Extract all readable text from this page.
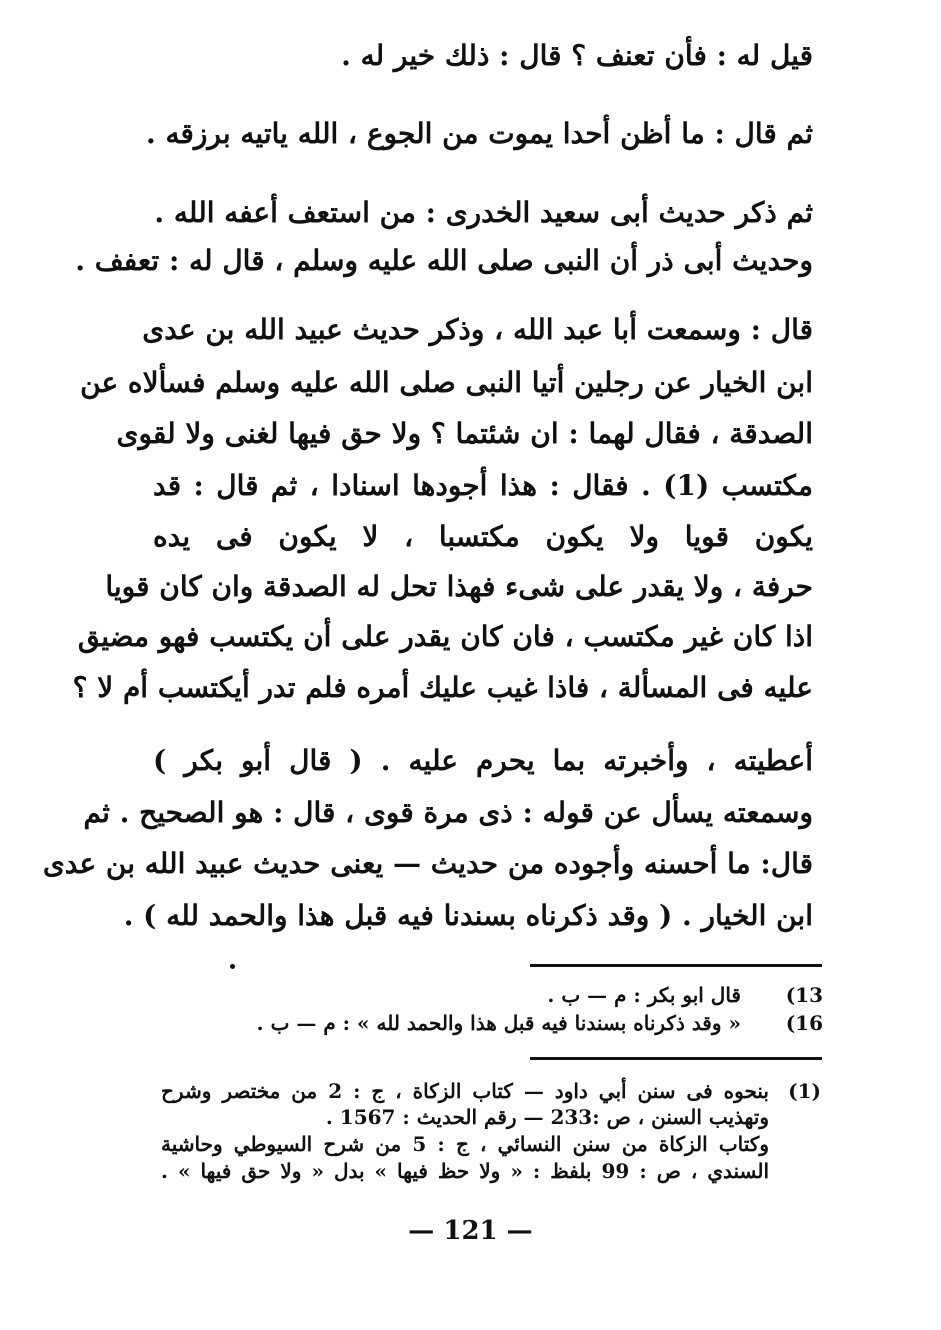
قيل له : فأن تعنف ؟ قال : ذلك خير له .
ثم قال : ما أظن أحدا يموت من الجوع ، الله ياتيه برزقه .
ثم ذكر حديث أبى سعيد الخدرى : من استعف أعفه الله .
وحديث أبى ذر أن النبى صلى الله عليه وسلم ، قال له : تعفف .
قال : وسمعت أبا عبد الله ، وذكر حديث عبيد الله بن عدى
ابن الخيار عن رجلين أتيا النبى صلى الله عليه وسلم فسألاه عن
الصدقة ، فقال لهما : ان شئتما ؟ ولا حق فيها لغنى ولا لقوى
مكتسب (1) . فقال : هذا أجودها اسنادا ، ثم قال : قد
يكون قويا ولا يكون مكتسبا ، لا يكون فى يده
حرفة ، ولا يقدر على شىء فهذا تحل له الصدقة وان كان قويا
اذا كان غير مكتسب ، فان كان يقدر على أن يكتسب فهو مضيق
عليه فى المسألة ، فاذا غيب عليك أمره فلم تدر أيكتسب أم لا ؟
أعطيته ، وأخبرته بما يحرم عليه . ( قال أبو بكر )
وسمعته يسأل عن قوله : ذى مرة قوى ، قال : هو الصحيح . ثم
قال: ما أحسنه وأجوده من حديث — يعنى حديث عبيد الله بن عدى
ابن الخيار . ( وقد ذكرناه بسندنا فيه قبل هذا والحمد لله ) .
(13
قال ابو بكر : م — ب .
(16
« وقد ذكرناه بسندنا فيه قبل هذا والحمد لله » : م — ب .
(1)
بنحوه فى سنن أبي داود — كتاب الزكاة ، ج : 2 من مختصر وشرح
وتهذيب السنن ، ص :233 — رقم الحديث : 1567 .
وكتاب الزكاة من سنن النسائي ، ج : 5 من شرح السيوطي وحاشية
السندي ، ص : 99 بلفظ : « ولا حظ فيها » بدل « ولا حق فيها » .
— 121 —
